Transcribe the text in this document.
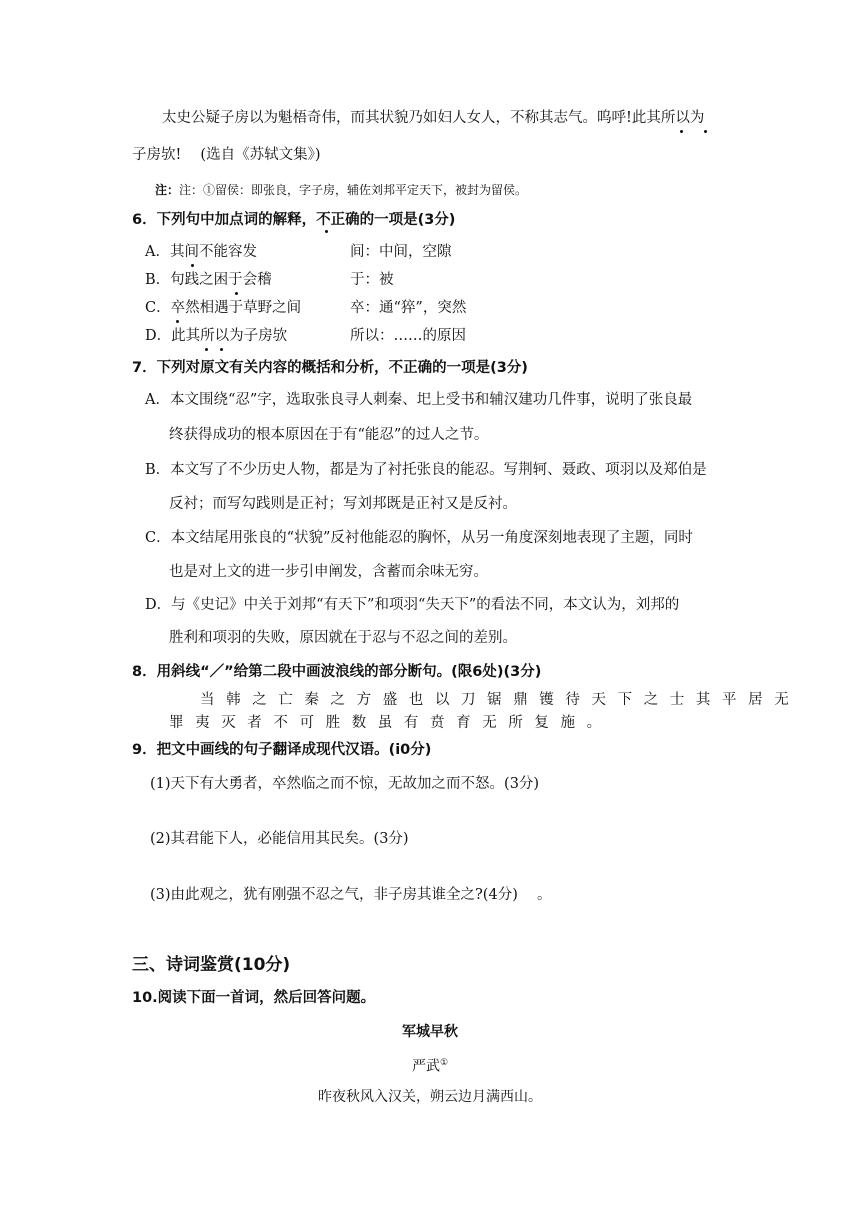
太史公疑子房以为魁梧奇伟，而其状貌乃如妇人女人，不称其志气。呜呼!此其所以为
子房欤!　 (选自《苏轼文集》)
注：注：①留侯：即张良，字子房，辅佐刘邦平定天下，被封为留侯。
6．下列句中加点词的解释，不正确的一项是(3分)
A．其间不能容发	间：中间，空隙
B．句践之困于会稽	于：被
C．卒然相遇于草野之间	卒：通“猝”，突然
D．此其所以为子房欤	所以：……的原因
7．下列对原文有关内容的概括和分析，不正确的一项是(3分)
A．本文围绕“忍”字，选取张良寻人刺秦、圯上受书和辅汉建功几件事，说明了张良最
终获得成功的根本原因在于有“能忍”的过人之节。
B．本文写了不少历史人物，都是为了衬托张良的能忍。写荆轲、聂政、项羽以及郑伯是
反衬；而写勾践则是正衬；写刘邦既是正衬又是反衬。
C．本文结尾用张良的“状貌”反衬他能忍的胸怀，从另一角度深刻地表现了主题，同时
也是对上文的进一步引申阐发，含蓄而余味无穷。
D．与《史记》中关于刘邦“有天下”和项羽“失天下”的看法不同，本文认为，刘邦的
胜利和项羽的失败，原因就在于忍与不忍之间的差别。
8．用斜线“／”给第二段中画波浪线的部分断句。(限6处)(3分)
当韩之亡秦之方盛也以刀锯鼎镬待天下之士其平居无
罪夷灭者不可胜数虽有贲育无所复施。
9．把文中画线的句子翻译成现代汉语。(i0分)
(1)天下有大勇者，卒然临之而不惊，无故加之而不怒。(3分)
(2)其君能下人，必能信用其民矣。(3分)
(3)由此观之，犹有刚强不忍之气，非子房其谁全之?(4分)　 。
三、诗词鉴赏(10分)
10.阅读下面一首词，然后回答问题。
军城早秋
严武①
昨夜秋风入汉关，朔云边月满西山。
